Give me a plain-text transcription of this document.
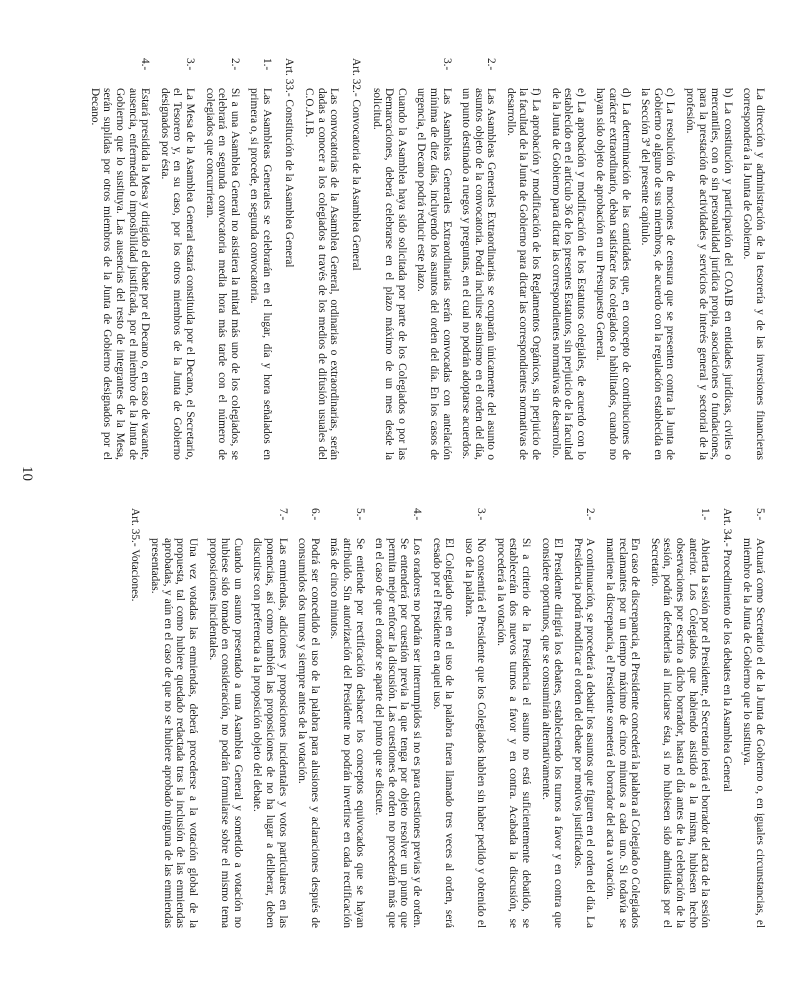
La dirección y administración de la tesorería y de las inversiones financieras corresponderá a la Junta de Gobierno.

b) La constitución y participación del COAIB en entidades jurídicas, civiles o mercantiles, con o sin personalidad jurídica propia, asociaciones o fundaciones, para la prestación de actividades y servicios de interés general y sectorial de la profesión.

c) La resolución de mociones de censura que se presenten contra la Junta de Gobierno o alguno de sus miembros, de acuerdo con la regulación establecida en la Sección 3ª del presente capítulo.

d) La determinación de las cantidades que, en concepto de contribuciones de carácter extraordinario, deban satisfacer los colegiados o habilitados, cuando no hayan sido objeto de aprobación en un Presupuesto General.

e) La aprobación y modificación de los Estatutos colegiales, de acuerdo con lo establecido en el artículo 36 de los presentes Estatutos, sin perjuicio de la facultad de la Junta de Gobierno para dictar las correspondientes normativas de desarrollo.

f) La aprobación y modificación de los Reglamentos Orgánicos, sin perjuicio de la facultad de la Junta de Gobierno para dictar las correspondientes normativas de desarrollo.

2.-
Las Asambleas Generales Extraordinarias se ocuparán únicamente del asunto o asuntos objeto de la convocatoria. Podrá incluirse asimismo en el orden del día, un punto destinado a ruegos y preguntas, en el cual no podrán adoptarse acuerdos.
3.-
Las Asambleas Generales Extraordinarias serán convocadas con antelación mínima de diez días, incluyendo los asuntos del orden del día. En los casos de urgencia, el Decano podrá reducir este plazo.

Cuando la Asamblea haya sido solicitada por parte de los Colegiados o por las Demarcaciones, deberá celebrarse en el plazo máximo de un mes desde la solicitud.

Art. 32.- Convocatoria de la Asamblea General

Las convocatorias de la Asamblea General, ordinarias o extraordinarias, serán dadas a conocer a los colegiados a través de los medios de difusión usuales del C.O.A.I.B.

Art. 33.- Constitución de la Asamblea General

1.-
Las Asambleas Generales se celebrarán en el lugar, día y hora señalados en primera o, si procede, en segunda convocatoria.
2.-
Si a una Asamblea General no asistiera la mitad más uno de los colegiados, se celebrará en segunda convocatoria media hora más tarde con el número de colegiados que concurrieran.
3.-
La Mesa de la Asamblea General estará constituida por el Decano, el Secretario, el Tesorero y, en su caso, por los otros miembros de la Junta de Gobierno designados por ésta.
4.-
Estará presidida la Mesa y dirigido el debate por el Decano o, en caso de vacante, ausencia, enfermedad o imposibilidad justificada, por el miembro de la Junta de Gobierno que lo sustituya. Las ausencias del resto de integrantes de la Mesa, serán suplidas por otros miembros de la Junta de Gobierno designados por el Decano.
5.-
Actuará como Secretario el de la Junta de Gobierno o, en iguales circunstancias, el miembro de la Junta de Gobierno que lo sustituya.

Art. 34.- Procedimiento de los debates en la Asamblea General

1.-
Abierta la sesión por el Presidente, el Secretario leerá el borrador del acta de la sesión anterior. Los Colegiados que habiendo asistido a la misma, hubiesen hecho observaciones por escrito a dicho borrador, hasta el día antes de la celebración de la sesión, podrán defenderlas al iniciarse ésta, si no hubiesen sido admitidas por el Secretario.

En caso de discrepancia, el Presidente concederá la palabra al Colegiado o Colegiados reclamantes por un tiempo máximo de cinco minutos a cada uno. Si todavía se mantiene la discrepancia, el Presidente someterá el borrador del acta a votación.

2.-
A continuación, se procederá a debatir los asuntos que figuren en el orden del día. La Presidencia podrá modificar el orden del debate por motivos justificados.

El Presidente dirigirá los debates, estableciendo los turnos a favor y en contra que considere oportunos, que se consumirán alternativamente.

Si a criterio de la Presidencia el asunto no está suficientemente debatido, se establecerán dos nuevos turnos a favor y en contra. Acabada la discusión, se procederá a la votación.

3.-
No consentirá el Presidente que los Colegiados hablen sin haber pedido y obtenido el uso de la palabra.

El Colegiado que en el uso de la palabra fuera llamado tres veces al orden, será cesado por el Presidente en aquel uso.

4.-
Los oradores no podrán ser interrumpidos si no es para cuestiones previas y de orden. Se entenderá por cuestión previa la que tenga por objeto resolver un punto que permita mejor enfocar la discusión. Las cuestiones de orden no procederán más que en el caso de que el orador se aparte del punto que se discute.
5.-
Se entiende por rectificación deshacer los conceptos equivocados que se hayan atribuido. Sin autorización del Presidente no podrán invertirse en cada rectificación más de cinco minutos.
6.-
Podrá ser concedido el uso de la palabra para alusiones y aclaraciones después de consumidos dos turnos y siempre antes de la votación.
7.-
Las enmiendas, adiciones y proposiciones incidentales y votos particulares en las ponencias, así como también las proposiciones de no ha lugar a deliberar, deben discutirse con preferencia a la proposición objeto del debate.

Cuando un asunto presentado a una Asamblea General y sometido a votación no hubiese sido tomado en consideración, no podrán formularse sobre el mismo tema proposiciones incidentales.

Una vez votadas las enmiendas, deberá procederse a la votación global de la propuesta, tal como hubiere quedado redactada tras la inclusión de las enmiendas aprobadas, y aún en el caso de que no se hubiere aprobado ninguna de las enmiendas presentadas.

Art. 35.- Votaciones.

10
